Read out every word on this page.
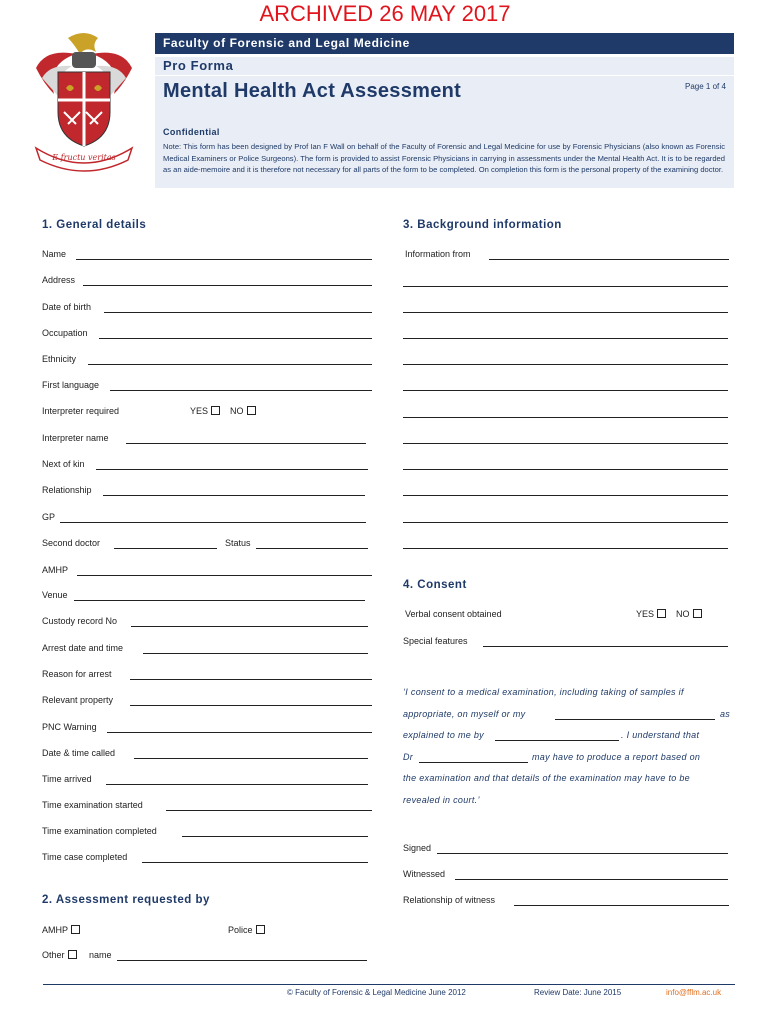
ARCHIVED 26 MAY 2017
E fructu veritas
Faculty of Forensic and Legal Medicine
Pro Forma
Mental Health Act Assessment	Page 1 of 4
Confidential
Note: This form has been designed by Prof Ian F Wall on behalf of the Faculty of Forensic and Legal Medicine for use by Forensic Physicians (also known as Forensic Medical Examiners or Police Surgeons). The form is provided to assist Forensic Physicians in carrying in assessments under the Mental Health Act. It is to be regarded as an aide-memoire and it is therefore not necessary for all parts of the form to be completed. On completion this form is the personal property of the examining doctor.
1. General details
Name
Address
Date of birth
Occupation
Ethnicity
First language
Interpreter required	YES	NO
Interpreter name
Next of kin
Relationship
GP
Second doctor	Status
AMHP
Venue
Custody record No
Arrest date and time
Reason for arrest
Relevant property
PNC Warning
Date & time called
Time arrived
Time examination started
Time examination completed
Time case completed
2. Assessment requested by
AMHP	Police
Other	name
3. Background information
Information from
4. Consent
Verbal consent obtained	YES	NO
Special features
‘I consent to a medical examination, including taking of samples if
appropriate, on myself or my	as
explained to me by	. I understand that
Dr	may have to produce a report based on
the examination and that details of the examination may have to be
revealed in court.’
Signed
Witnessed
Relationship of witness
© Faculty of Forensic & Legal Medicine June 2012	Review Date: June 2015	info@fflm.ac.uk
